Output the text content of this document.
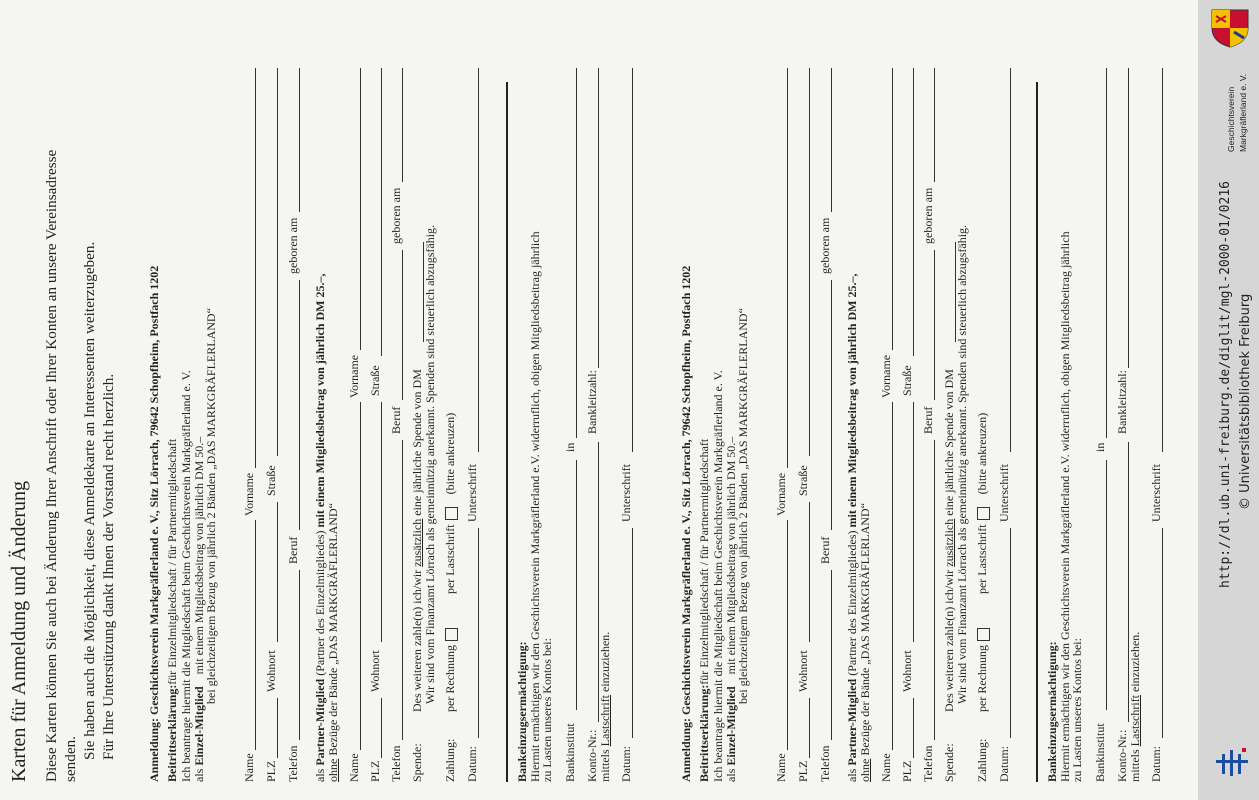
Karten für Anmeldung und Änderung Diese Karten können Sie auch bei Änderung Ihrer Anschrift oder Ihrer Konten an unsere Vereinsadresse senden. Sie haben auch die Möglichkeit, diese Anmeldekarte an Interessenten weiterzugeben. Für Ihre Unterstützung dankt Ihnen der Vorstand recht herzlich.	Anmeldung: Geschichtsverein Markgräflerland e. V., Sitz Lörrach, 79642 Schopfheim, Postfach 1202 Beitrittserklärung:für Einzelmitgliedschaft / für Partnermitgliedschaft Ich beantrage hiermit die Mitgliedschaft beim Geschichtsverein Markgräflerland e. V. als Einzel-Mitglied    mit einem Mitgliedsbeitrag von jährlich DM 50.–
bei gleichzeitigem Bezug von jährlich 2 Bänden „DAS MARKGRÄFLERLAND“
Name
Vorname
PLZ
Wohnort
Straße
Telefon
Beruf
geboren am
als Partner-Mitglied (Partner des Einzelmitgliedes) mit einem Mitgliedsbeitrag von jährlich DM 25.–,
ohne Bezüge der Bände „DAS MARKGRÄFLERLAND“
Name
Vorname
PLZ
Wohnort
Straße
Telefon
Beruf
geboren am
Spende:
Des weiteren zahle(n) ich/wir zusätzlich eine jährliche Spende von DM Wir sind vom Finanzamt Lörrach als gemeinnützig anerkannt. Spenden sind steuerlich abzugsfähig.
Zahlung:
per Rechnung          per Lastschrift   (bitte ankreuzen)
Datum:
Unterschrift
Bankeinzugsermächtigung: Hiermit ermächtigen wir den Geschichtsverein Markgräflerland e.V. widerruflich, obigen Mitgliedsbeitrag jährlich
zu Lasten unseres Kontos bei: Bankinstitut
in
Konto-Nr.:
Bankleitzahl:
mittels Lastschrift einzuziehen.
Datum:
Unterschrift	Anmeldung: Geschichtsverein Markgräflerland e. V., Sitz Lörrach, 79642 Schopfheim, Postfach 1202 Beitrittserklärung:für Einzelmitgliedschaft / für Partnermitgliedschaft Ich beantrage hiermit die Mitgliedschaft beim Geschichtsverein Markgräflerland e. V. als Einzel-Mitglied    mit einem Mitgliedsbeitrag von jährlich DM 50.–
bei gleichzeitigem Bezug von jährlich 2 Bänden „DAS MARKGRÄFLERLAND“
Name
Vorname
PLZ
Wohnort
Straße
Telefon
Beruf
geboren am
als Partner-Mitglied (Partner des Einzelmitgliedes) mit einem Mitgliedsbeitrag von jährlich DM 25.–,
ohne Bezüge der Bände „DAS MARKGRÄFLERLAND“
Name
Vorname
PLZ
Wohnort
Straße
Telefon
Beruf
geboren am
Spende:
Des weiteren zahle(n) ich/wir zusätzlich eine jährliche Spende von DM Wir sind vom Finanzamt Lörrach als gemeinnützig anerkannt. Spenden sind steuerlich abzugsfähig.
Zahlung:
per Rechnung          per Lastschrift   (bitte ankreuzen)
Datum:
Unterschrift
Bankeinzugsermächtigung: Hiermit ermächtigen wir den Geschichtsverein Markgräflerland e.V. widerruflich, obigen Mitgliedsbeitrag jährlich
zu Lasten unseres Kontos bei: Bankinstitut
in
Konto-Nr.:
Bankleitzahl:
mittels Lastschrift einzuziehen.
Datum:
Unterschrift
Geschichtsverein Markgräflerland e. V.
http://dl.ub.uni-freiburg.de/diglit/mgl-2000-01/0216 © Universitätsbibliothek Freiburg
